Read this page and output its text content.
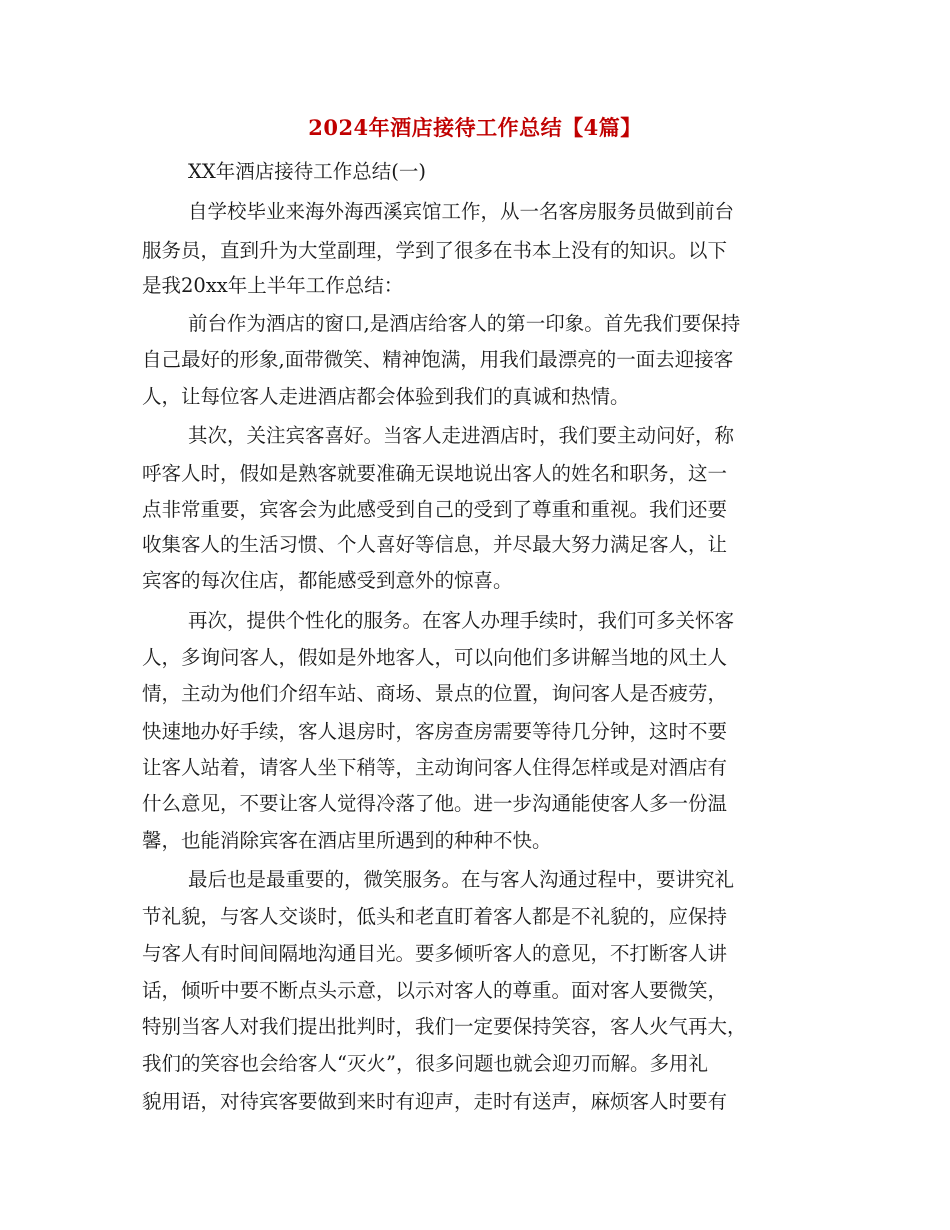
2024年酒店接待工作总结【4篇】
XX年酒店接待工作总结(一)
自学校毕业来海外海西溪宾馆工作，从一名客房服务员做到前台
服务员，直到升为大堂副理，学到了很多在书本上没有的知识。以下
是我20xx年上半年工作总结：
前台作为酒店的窗口,是酒店给客人的第一印象。首先我们要保持
自己最好的形象,面带微笑、精神饱满，用我们最漂亮的一面去迎接客
人，让每位客人走进酒店都会体验到我们的真诚和热情。
其次，关注宾客喜好。当客人走进酒店时，我们要主动问好，称
呼客人时，假如是熟客就要准确无误地说出客人的姓名和职务，这一
点非常重要，宾客会为此感受到自己的受到了尊重和重视。我们还要
收集客人的生活习惯、个人喜好等信息，并尽最大努力满足客人，让
宾客的每次住店，都能感受到意外的惊喜。
再次，提供个性化的服务。在客人办理手续时，我们可多关怀客
人，多询问客人，假如是外地客人，可以向他们多讲解当地的风土人
情，主动为他们介绍车站、商场、景点的位置，询问客人是否疲劳，
快速地办好手续，客人退房时，客房查房需要等待几分钟，这时不要
让客人站着，请客人坐下稍等，主动询问客人住得怎样或是对酒店有
什么意见，不要让客人觉得冷落了他。进一步沟通能使客人多一份温
馨，也能消除宾客在酒店里所遇到的种种不快。
最后也是最重要的，微笑服务。在与客人沟通过程中，要讲究礼
节礼貌，与客人交谈时，低头和老直盯着客人都是不礼貌的，应保持
与客人有时间间隔地沟通目光。要多倾听客人的意见，不打断客人讲
话，倾听中要不断点头示意，以示对客人的尊重。面对客人要微笑，
特别当客人对我们提出批判时，我们一定要保持笑容，客人火气再大，
我们的笑容也会给客人“灭火”，很多问题也就会迎刃而解。多用礼
貌用语，对待宾客要做到来时有迎声，走时有送声，麻烦客人时要有
